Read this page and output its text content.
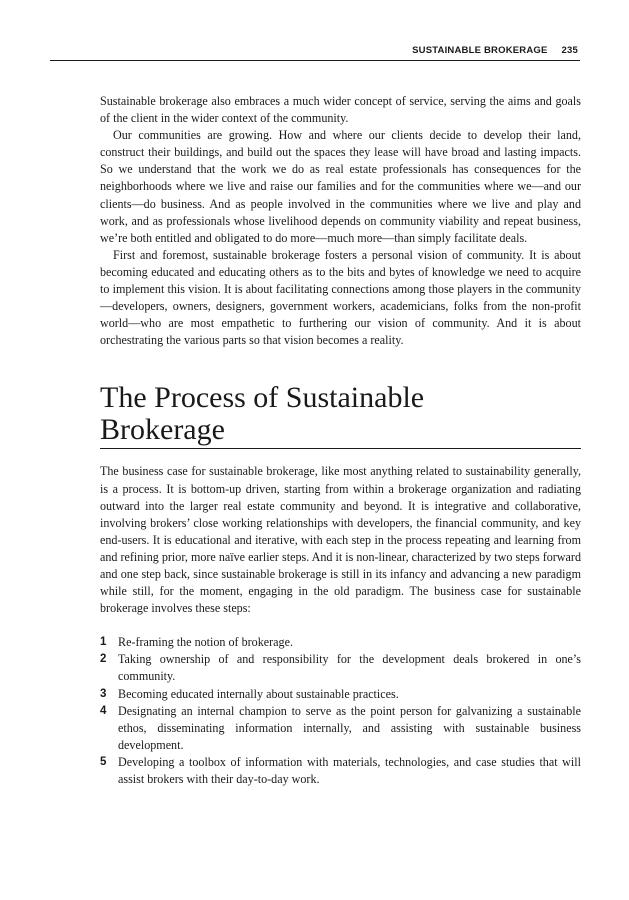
SUSTAINABLE BROKERAGE 235

Sustainable brokerage also embraces a much wider concept of service, serving the aims and goals of the client in the wider context of the community.

Our communities are growing. How and where our clients decide to develop their land, construct their buildings, and build out the spaces they lease will have broad and lasting impacts. So we understand that the work we do as real estate professionals has consequences for the neighborhoods where we live and raise our families and for the communities where we—and our clients—do business. And as people involved in the communities where we live and play and work, and as professionals whose livelihood depends on community viability and repeat business, we’re both entitled and obligated to do more—much more—than simply facilitate deals.

First and foremost, sustainable brokerage fosters a personal vision of community. It is about becoming educated and educating others as to the bits and bytes of knowledge we need to acquire to implement this vision. It is about facilitating connections among those players in the community—developers, owners, designers, government workers, academicians, folks from the non-profit world—who are most empathetic to furthering our vision of community. And it is about orchestrating the various parts so that vision becomes a reality.

The Process of Sustainable
Brokerage

The business case for sustainable brokerage, like most anything related to sustainability generally, is a process. It is bottom-up driven, starting from within a brokerage organization and radiating outward into the larger real estate community and beyond. It is integrative and collaborative, involving brokers’ close working relationships with developers, the financial community, and key end-users. It is educational and iterative, with each step in the process repeating and learning from and refining prior, more naïve earlier steps. And it is non-linear, characterized by two steps forward and one step back, since sustainable brokerage is still in its infancy and advancing a new paradigm while still, for the moment, engaging in the old paradigm. The business case for sustainable brokerage involves these steps:

1 Re-framing the notion of brokerage.
2 Taking ownership of and responsibility for the development deals brokered in one’s community.
3 Becoming educated internally about sustainable practices.
4 Designating an internal champion to serve as the point person for galvanizing a sustainable ethos, disseminating information internally, and assisting with sustainable business development.
5 Developing a toolbox of information with materials, technologies, and case studies that will assist brokers with their day-to-day work.
